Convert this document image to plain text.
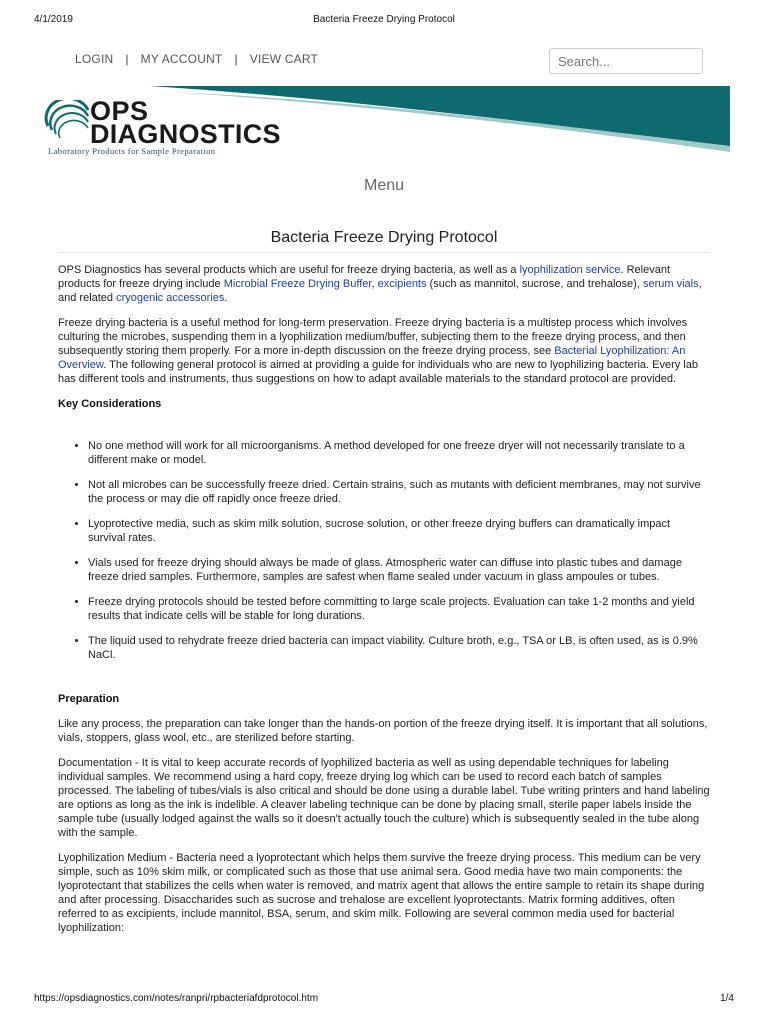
4/1/2019	Bacteria Freeze Drying Protocol
LOGIN | MY ACCOUNT | VIEW CART
Search...
OPS
DIAGNOSTICS
Laboratory Products for Sample Preparation
Menu
Bacteria Freeze Drying Protocol

OPS Diagnostics has several products which are useful for freeze drying bacteria, as well as a lyophilization service. Relevant products for freeze drying include Microbial Freeze Drying Buffer, excipients (such as mannitol, sucrose, and trehalose), serum vials, and related cryogenic accessories.

Freeze drying bacteria is a useful method for long-term preservation. Freeze drying bacteria is a multistep process which involves culturing the microbes, suspending them in a lyophilization medium/buffer, subjecting them to the freeze drying process, and then subsequently storing them properly. For a more in-depth discussion on the freeze drying process, see Bacterial Lyophilization: An Overview. The following general protocol is aimed at providing a guide for individuals who are new to lyophilizing bacteria. Every lab has different tools and instruments, thus suggestions on how to adapt available materials to the standard protocol are provided.

Key Considerations

• No one method will work for all microorganisms. A method developed for one freeze dryer will not necessarily translate to a different make or model.
• Not all microbes can be successfully freeze dried. Certain strains, such as mutants with deficient membranes, may not survive the process or may die off rapidly once freeze dried.
• Lyoprotective media, such as skim milk solution, sucrose solution, or other freeze drying buffers can dramatically impact survival rates.
• Vials used for freeze drying should always be made of glass. Atmospheric water can diffuse into plastic tubes and damage freeze dried samples. Furthermore, samples are safest when flame sealed under vacuum in glass ampoules or tubes.
• Freeze drying protocols should be tested before committing to large scale projects. Evaluation can take 1-2 months and yield results that indicate cells will be stable for long durations.
• The liquid used to rehydrate freeze dried bacteria can impact viability. Culture broth, e.g., TSA or LB, is often used, as is 0.9% NaCl.

Preparation

Like any process, the preparation can take longer than the hands-on portion of the freeze drying itself. It is important that all solutions, vials, stoppers, glass wool, etc., are sterilized before starting.

Documentation - It is vital to keep accurate records of lyophilized bacteria as well as using dependable techniques for labeling individual samples. We recommend using a hard copy, freeze drying log which can be used to record each batch of samples processed. The labeling of tubes/vials is also critical and should be done using a durable label. Tube writing printers and hand labeling are options as long as the ink is indelible. A cleaver labeling technique can be done by placing small, sterile paper labels inside the sample tube (usually lodged against the walls so it doesn't actually touch the culture) which is subsequently sealed in the tube along with the sample.

Lyophilization Medium - Bacteria need a lyoprotectant which helps them survive the freeze drying process. This medium can be very simple, such as 10% skim milk, or complicated such as those that use animal sera. Good media have two main components: the lyoprotectant that stabilizes the cells when water is removed, and matrix agent that allows the entire sample to retain its shape during and after processing. Disaccharides such as sucrose and trehalose are excellent lyoprotectants. Matrix forming additives, often referred to as excipients, include mannitol, BSA, serum, and skim milk. Following are several common media used for bacterial lyophilization:

https://opsdiagnostics.com/notes/ranpri/rpbacteriafdprotocol.htm	1/4
